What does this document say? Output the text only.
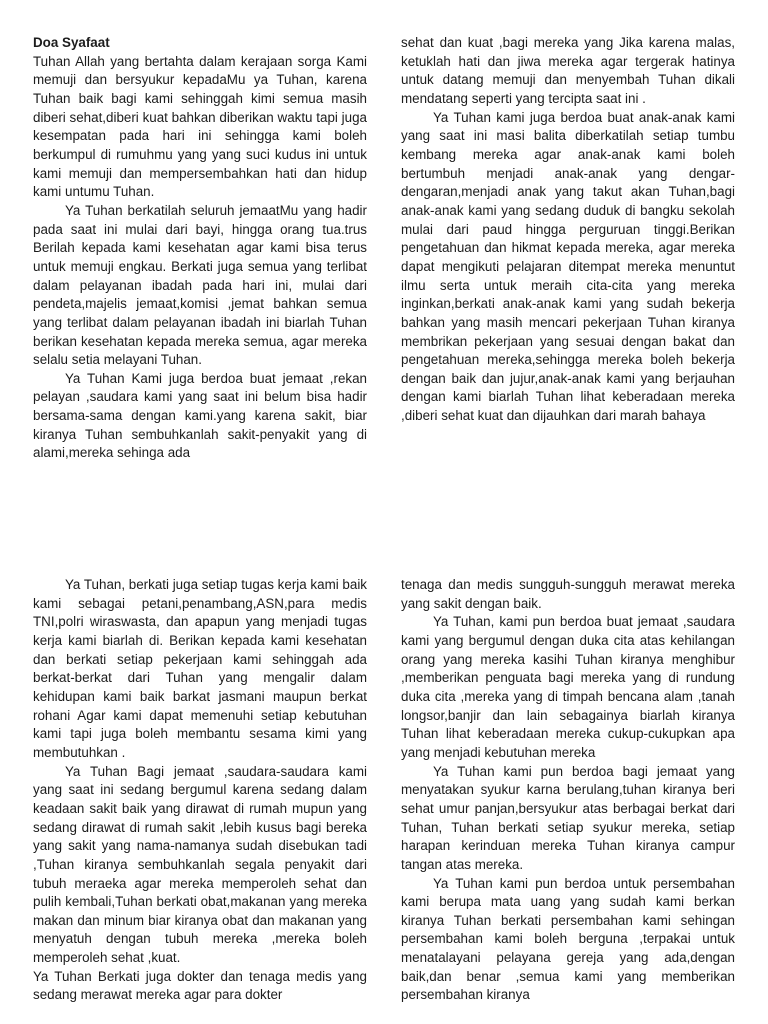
Doa Syafaat

Tuhan Allah yang bertahta dalam kerajaan sorga Kami memuji dan bersyukur kepadaMu ya Tuhan, karena Tuhan baik bagi kami sehinggah kimi semua masih diberi sehat,diberi kuat bahkan diberikan waktu tapi juga kesempatan pada hari ini sehingga kami boleh berkumpul di rumuhmu yang yang suci kudus ini untuk kami memuji dan mempersembahkan hati dan hidup kami untumu Tuhan.

Ya Tuhan berkatilah seluruh jemaatMu yang hadir pada saat ini mulai dari bayi, hingga orang tua.trus Berilah kepada kami kesehatan agar kami bisa terus untuk memuji engkau. Berkati juga semua yang terlibat dalam pelayanan ibadah pada hari ini, mulai dari pendeta,majelis jemaat,komisi ,jemat bahkan semua yang terlibat dalam pelayanan ibadah ini biarlah Tuhan berikan kesehatan kepada mereka semua, agar mereka selalu setia melayani Tuhan.

Ya Tuhan Kami juga berdoa buat jemaat ,rekan pelayan ,saudara kami yang saat ini belum bisa hadir bersama-sama dengan kami.yang karena sakit, biar kiranya Tuhan sembuhkanlah sakit-penyakit yang di alami,mereka sehinga ada

sehat dan kuat ,bagi mereka yang Jika karena malas, ketuklah hati dan jiwa mereka agar tergerak hatinya untuk datang memuji dan menyembah Tuhan dikali mendatang seperti yang tercipta saat ini .

Ya Tuhan kami juga berdoa buat anak-anak kami yang saat ini masi balita diberkatilah setiap tumbu kembang mereka agar anak-anak kami boleh bertumbuh menjadi anak-anak yang dengar-dengaran,menjadi anak yang takut akan Tuhan,bagi anak-anak kami yang sedang duduk di bangku sekolah mulai dari paud hingga perguruan tinggi.Berikan pengetahuan dan hikmat kepada mereka, agar mereka dapat mengikuti pelajaran ditempat mereka menuntut ilmu serta untuk meraih cita-cita yang mereka inginkan,berkati anak-anak kami yang sudah bekerja bahkan yang masih mencari pekerjaan Tuhan kiranya membrikan pekerjaan yang sesuai dengan bakat dan pengetahuan mereka,sehingga mereka boleh bekerja dengan baik dan jujur,anak-anak kami yang berjauhan dengan kami biarlah Tuhan lihat keberadaan mereka ,diberi sehat kuat dan dijauhkan dari marah bahaya

Ya Tuhan, berkati juga setiap tugas kerja kami baik kami sebagai petani,penambang,ASN,para medis TNI,polri wiraswasta, dan apapun yang menjadi tugas kerja kami biarlah di. Berikan kepada kami kesehatan dan berkati setiap pekerjaan kami sehinggah ada berkat-berkat dari Tuhan yang mengalir dalam kehidupan kami baik barkat jasmani maupun berkat rohani Agar kami dapat memenuhi setiap kebutuhan kami tapi juga boleh membantu sesama kimi yang membutuhkan .

Ya Tuhan Bagi jemaat ,saudara-saudara kami yang saat ini sedang bergumul karena sedang dalam keadaan sakit baik yang dirawat di rumah mupun yang sedang dirawat di rumah sakit ,lebih kusus bagi bereka yang sakit yang nama-namanya sudah disebukan tadi ,Tuhan kiranya sembuhkanlah segala penyakit dari tubuh meraeka agar mereka memperoleh sehat dan pulih kembali,Tuhan berkati obat,makanan yang mereka makan dan minum biar kiranya obat dan makanan yang menyatuh dengan tubuh mereka ,mereka boleh memperoleh sehat ,kuat.

Ya Tuhan Berkati juga dokter dan tenaga medis yang sedang merawat mereka agar para dokter

tenaga dan medis sungguh-sungguh merawat mereka yang sakit dengan baik.

Ya Tuhan, kami pun berdoa buat jemaat ,saudara kami yang bergumul dengan duka cita atas kehilangan orang yang mereka kasihi Tuhan kiranya menghibur ,memberikan penguata bagi mereka yang di rundung duka cita ,mereka yang di timpah bencana alam ,tanah longsor,banjir dan lain sebagainya biarlah kiranya Tuhan lihat keberadaan mereka cukup-cukupkan apa yang menjadi kebutuhan mereka

Ya Tuhan kami pun berdoa bagi jemaat yang menyatakan syukur karna berulang,tuhan kiranya beri sehat umur panjan,bersyukur atas berbagai berkat dari Tuhan, Tuhan berkati setiap syukur mereka, setiap harapan kerinduan mereka Tuhan kiranya campur tangan atas mereka.

Ya Tuhan kami pun berdoa untuk persembahan kami berupa mata uang yang sudah kami berkan kiranya Tuhan berkati persembahan kami sehingan persembahan kami boleh berguna ,terpakai untuk menatalayani pelayana gereja yang ada,dengan baik,dan benar ,semua kami yang memberikan persembahan kiranya
